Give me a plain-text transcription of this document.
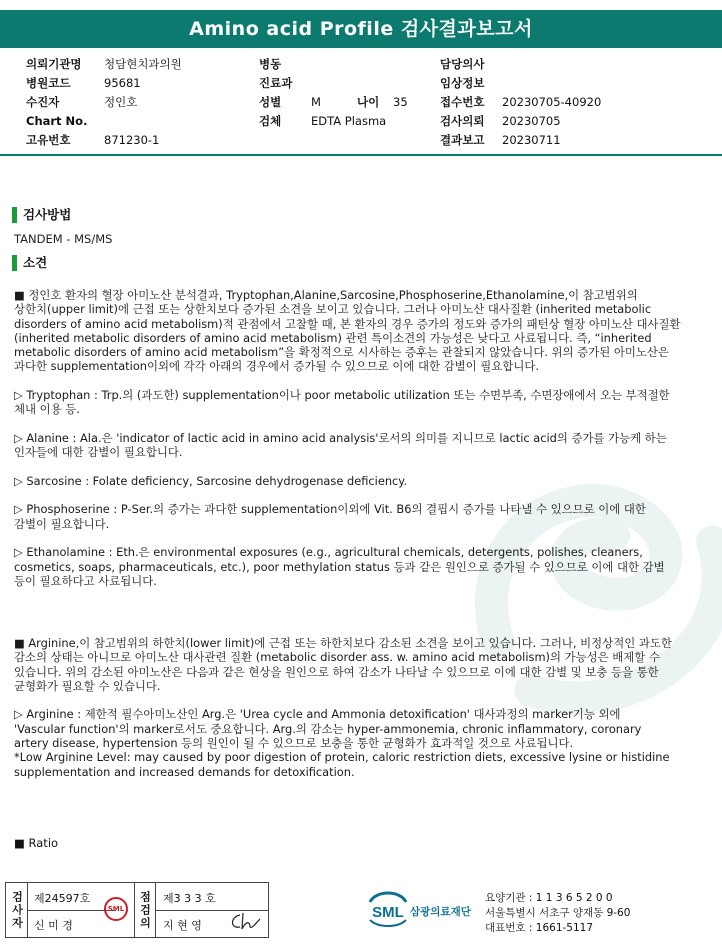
Amino acid Profile 검사결과보고서
의뢰기관명 청담현치과의원
병원코드	95681
수진자	정인호
Chart No.
고유번호	871230-1
병동
진료과
성별	M	나이 35
검체	EDTA Plasma
담당의사
임상정보
접수번호 20230705-40920
검사의뢰 20230705
결과보고 20230711
검사방법
TANDEM - MS/MS
소견

■ 정인호 환자의 혈장 아미노산 분석결과, Tryptophan,Alanine,Sarcosine,Phosphoserine,Ethanolamine,이 참고범위의
상한치(upper limit)에 근접 또는 상한치보다 증가된 소견을 보이고 있습니다. 그러나 아미노산 대사질환 (inherited metabolic
disorders of amino acid metabolism)적 관점에서 고찰할 때, 본 환자의 경우 증가의 정도와 증가의 패턴상 혈장 아미노산 대사질환
(inherited metabolic disorders of amino acid metabolism) 관련 특이소견의 가능성은 낮다고 사료됩니다. 즉, “inherited
metabolic disorders of amino acid metabolism”을 확정적으로 시사하는 증후는 관찰되지 않았습니다. 위의 증가된 아미노산은
과다한 supplementation이외에 각각 아래의 경우에서 증가될 수 있으므로 이에 대한 감별이 필요합니다.

▷ Tryptophan : Trp.의 (과도한) supplementation이나 poor metabolic utilization 또는 수면부족, 수면장애에서 오는 부적절한
체내 이용 등.

▷ Alanine : Ala.은 'indicator of lactic acid in amino acid analysis'로서의 의미를 지니므로 lactic acid의 증가를 가능케 하는
인자들에 대한 감별이 필요합니다.

▷ Sarcosine : Folate deficiency, Sarcosine dehydrogenase deficiency.

▷ Phosphoserine : P-Ser.의 증가는 과다한 supplementation이외에 Vit. B6의 결핍시 증가를 나타낼 수 있으므로 이에 대한
감별이 필요합니다.

▷ Ethanolamine : Eth.은 environmental exposures (e.g., agricultural chemicals, detergents, polishes, cleaners,
cosmetics, soaps, pharmaceuticals, etc.), poor methylation status 등과 같은 원인으로 증가될 수 있으므로 이에 대한 감별
등이 필요하다고 사료됩니다.

■ Arginine,이 참고범위의 하한치(lower limit)에 근접 또는 하한치보다 감소된 소견을 보이고 있습니다. 그러나, 비정상적인 과도한
감소의 상태는 아니므로 아미노산 대사관련 질환 (metabolic disorder ass. w. amino acid metabolism)의 가능성은 배제할 수
있습니다. 위의 감소된 아미노산은 다음과 같은 현상을 원인으로 하여 감소가 나타날 수 있으므로 이에 대한 감별 및 보충 등을 통한
균형화가 필요할 수 있습니다.

▷ Arginine : 제한적 필수아미노산인 Arg.은 'Urea cycle and Ammonia detoxification' 대사과정의 marker기능 외에
'Vascular function'의 marker로서도 중요합니다. Arg.의 감소는 hyper-ammonemia, chronic inflammatory, coronary
artery disease, hypertension 등의 원인이 될 수 있으므로 보충을 통한 균형화가 효과적일 것으로 사료됩니다.
*Low Arginine Level: may caused by poor digestion of protein, caloric restriction diets, excessive lysine or histidine
supplementation and increased demands for detoxification.

■ Ratio
검사자 제24597호
신 미 경
SML	점검의	제3 3 3 호
지 현 영
SML 삼광의료재단
요양기관 : 1 1 3 6 5 2 0 0
서울특별시 서초구 양재동 9-60
대표번호 : 1661-5117
